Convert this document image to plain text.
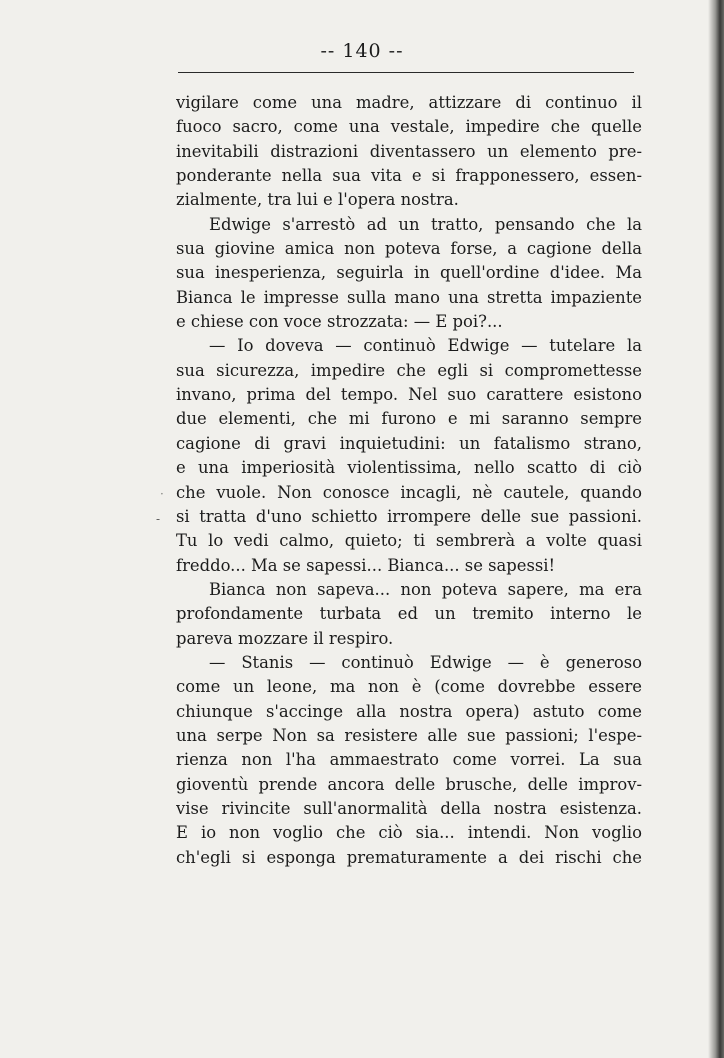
-- 140 --
vigilare come una madre, attizzare di continuo il
fuoco sacro, come una vestale, impedire che quelle
inevitabili distrazioni diventassero un elemento pre-
ponderante nella sua vita e si frapponessero, essen-
zialmente, tra lui e l'opera nostra.
Edwige s'arrestò ad un tratto, pensando che la
sua giovine amica non poteva forse, a cagione della
sua inesperienza, seguirla in quell'ordine d'idee. Ma
Bianca le impresse sulla mano una stretta impaziente
e chiese con voce strozzata: — E poi?...
— Io doveva — continuò Edwige — tutelare la
sua sicurezza, impedire che egli si compromettesse
invano, prima del tempo. Nel suo carattere esistono
due elementi, che mi furono e mi saranno sempre
cagione di gravi inquietudini: un fatalismo strano,
e una imperiosità violentissima, nello scatto di ciò
che vuole. Non conosce incagli, nè cautele, quando
si tratta d'uno schietto irrompere delle sue passioni.
Tu lo vedi calmo, quieto; ti sembrerà a volte quasi
freddo... Ma se sapessi... Bianca... se sapessi!
Bianca non sapeva... non poteva sapere, ma era
profondamente turbata ed un tremito interno le
pareva mozzare il respiro.
— Stanis — continuò Edwige — è generoso
come un leone, ma non è (come dovrebbe essere
chiunque s'accinge alla nostra opera) astuto come
una serpe Non sa resistere alle sue passioni; l'espe-
rienza non l'ha ammaestrato come vorrei. La sua
gioventù prende ancora delle brusche, delle improv-
vise rivincite sull'anormalità della nostra esistenza.
E io non voglio che ciò sia... intendi. Non voglio
ch'egli si esponga prematuramente a dei rischi che
·
-
